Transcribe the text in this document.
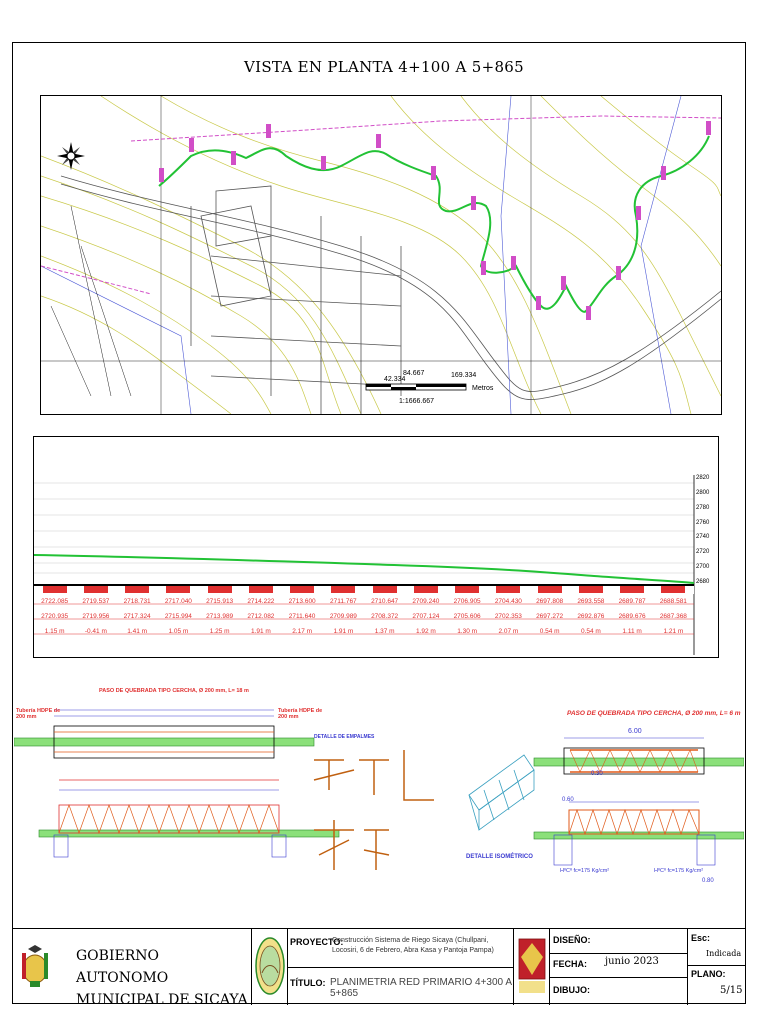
VISTA EN PLANTA 4+100 A 5+865
42.334
84.667	169.334
Metros
1:1666.667
2820
2800
2780
2760
2740
2720
2700
2680
2722.085	2719.537	2718.731	2717.040	2715.913	2714.222	2713.600	2711.767	2710.647	2709.240	2706.905	2704.430	2697.808	2693.558	2689.787	2688.581
2720.935	2719.956	2717.324	2715.994	2713.989	2712.082	2711.640	2709.989	2708.372	2707.124	2705.606	2702.353	2697.272	2692.876	2689.676	2687.368
1.15 m	-0.41 m	1.41 m	1.05 m	1.25 m	1.91 m	2.17 m	1.91 m	1.37 m	1.92 m	1.30 m	2.07 m	0.54 m	0.54 m	1.11 m	1.21 m
PASO DE QUEBRADA TIPO CERCHA, Ø 200 mm, L= 18 m
Tubería HDPE de 200 mm
Tubería HDPE de 200 mm
DETALLE DE EMPALMES
DETALLE ISOMÉTRICO
PASO DE QUEBRADA TIPO CERCHA, Ø 200 mm, L= 6 m
6.00
0.30
0.60
0.80
HºCº fc=175 Kg/cm²	HºCº fc=175 Kg/cm²
GOBIERNO AUTONOMO
MUNICIPAL DE SICAYA
PROYECTO:
Construcción Sistema de Riego Sicaya (Chullpani, Locosiri, 6 de Febrero, Abra Kasa y Pantoja Pampa)
TÍTULO: PLANIMETRIA RED PRIMARIO 4+300 A 5+865
DISEÑO:
FECHA: junio 2023
DIBUJO:
Esc:
Indicada
PLANO:
5/15
